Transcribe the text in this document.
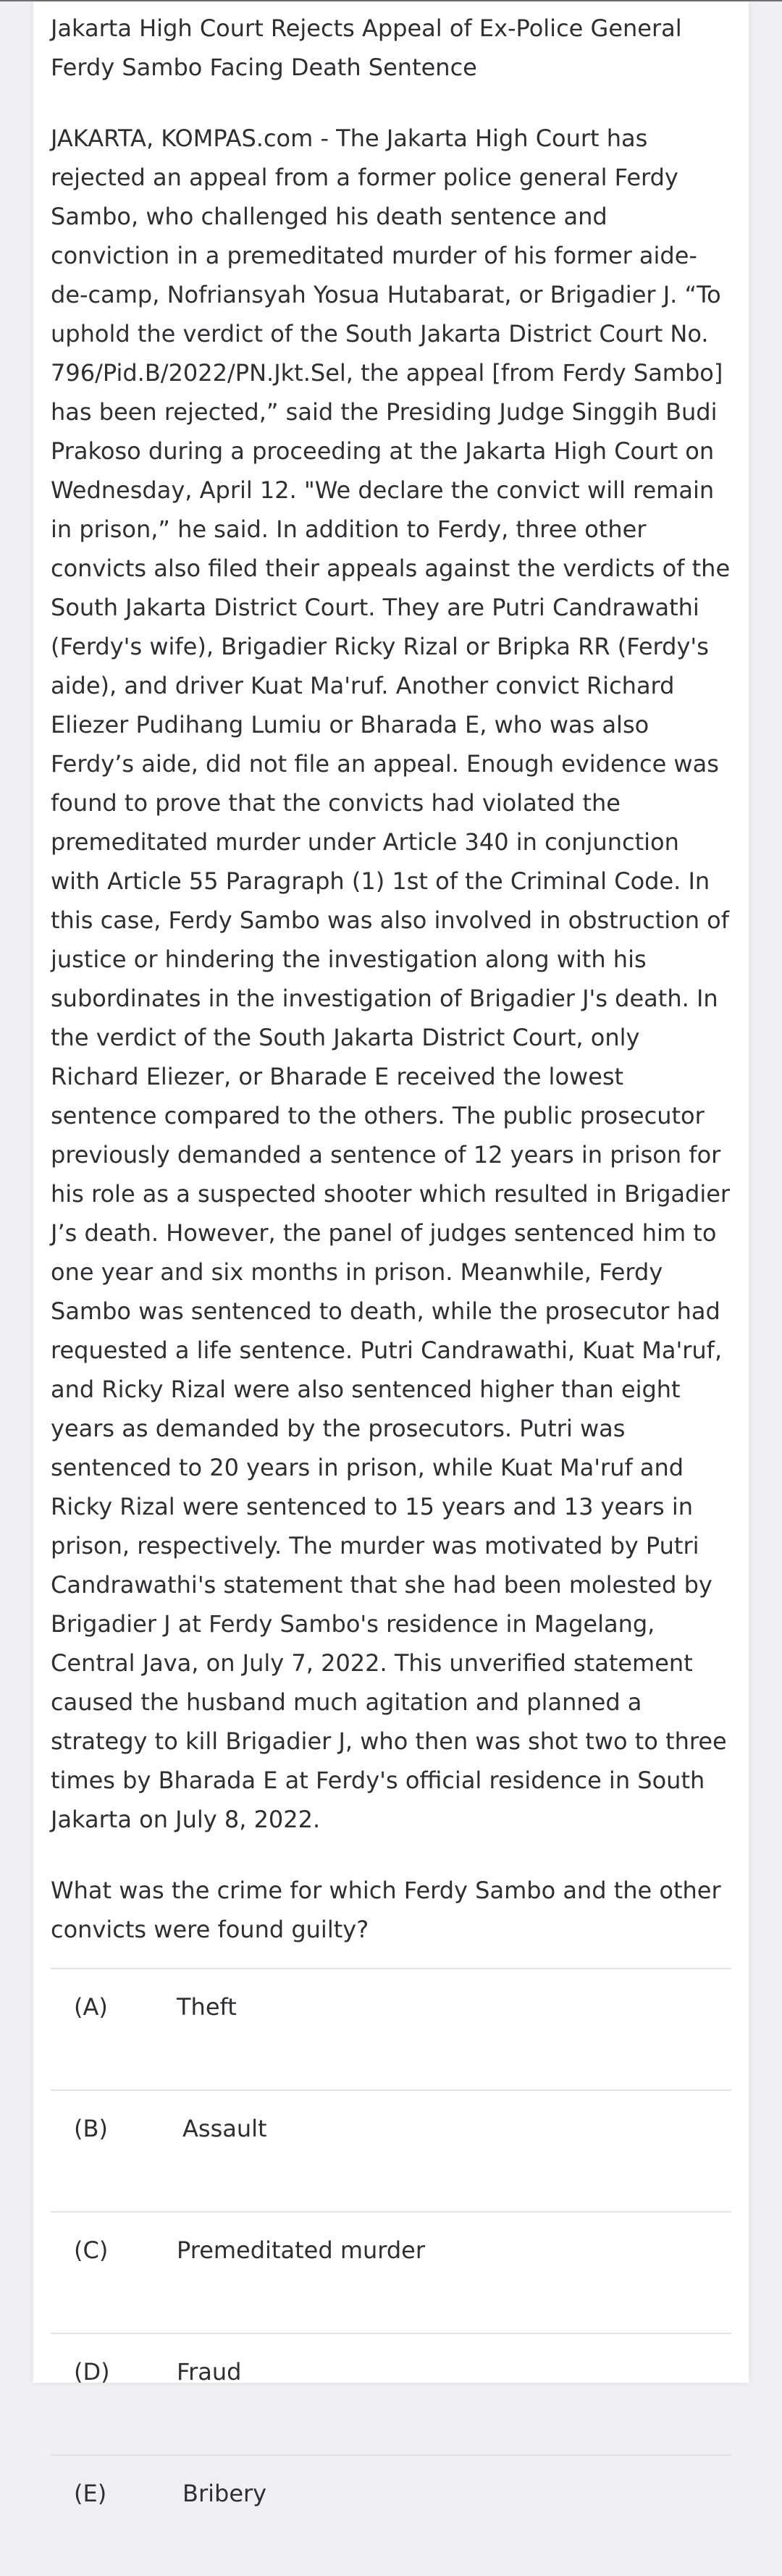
Jakarta High Court Rejects Appeal of Ex-Police General Ferdy Sambo Facing Death Sentence

JAKARTA, KOMPAS.com - The Jakarta High Court has rejected an appeal from a former police general Ferdy Sambo, who challenged his death sentence and conviction in a premeditated murder of his former aide-de-camp, Nofriansyah Yosua Hutabarat, or Brigadier J. “To uphold the verdict of the South Jakarta District Court No. 796/Pid.B/2022/PN.Jkt.Sel, the appeal [from Ferdy Sambo] has been rejected,” said the Presiding Judge Singgih Budi Prakoso during a proceeding at the Jakarta High Court on Wednesday, April 12. "We declare the convict will remain in prison,” he said. In addition to Ferdy, three other convicts also filed their appeals against the verdicts of the South Jakarta District Court. They are Putri Candrawathi (Ferdy's wife), Brigadier Ricky Rizal or Bripka RR (Ferdy's aide), and driver Kuat Ma'ruf. Another convict Richard Eliezer Pudihang Lumiu or Bharada E, who was also Ferdy’s aide, did not file an appeal. Enough evidence was found to prove that the convicts had violated the premeditated murder under Article 340 in conjunction with Article 55 Paragraph (1) 1st of the Criminal Code. In this case, Ferdy Sambo was also involved in obstruction of justice or hindering the investigation along with his subordinates in the investigation of Brigadier J's death. In the verdict of the South Jakarta District Court, only Richard Eliezer, or Bharade E received the lowest sentence compared to the others. The public prosecutor previously demanded a sentence of 12 years in prison for his role as a suspected shooter which resulted in Brigadier J’s death. However, the panel of judges sentenced him to one year and six months in prison. Meanwhile, Ferdy Sambo was sentenced to death, while the prosecutor had requested a life sentence. Putri Candrawathi, Kuat Ma'ruf, and Ricky Rizal were also sentenced higher than eight years as demanded by the prosecutors. Putri was sentenced to 20 years in prison, while Kuat Ma'ruf and Ricky Rizal were sentenced to 15 years and 13 years in prison, respectively. The murder was motivated by Putri Candrawathi's statement that she had been molested by Brigadier J at Ferdy Sambo's residence in Magelang, Central Java, on July 7, 2022. This unverified statement caused the husband much agitation and planned a strategy to kill Brigadier J, who then was shot two to three times by Bharada E at Ferdy's official residence in South Jakarta on July 8, 2022.

What was the crime for which Ferdy Sambo and the other convicts were found guilty?

(A)	Theft
(B)	Assault
(C)	Premeditated murder
(D)	Fraud
(E)	Bribery
